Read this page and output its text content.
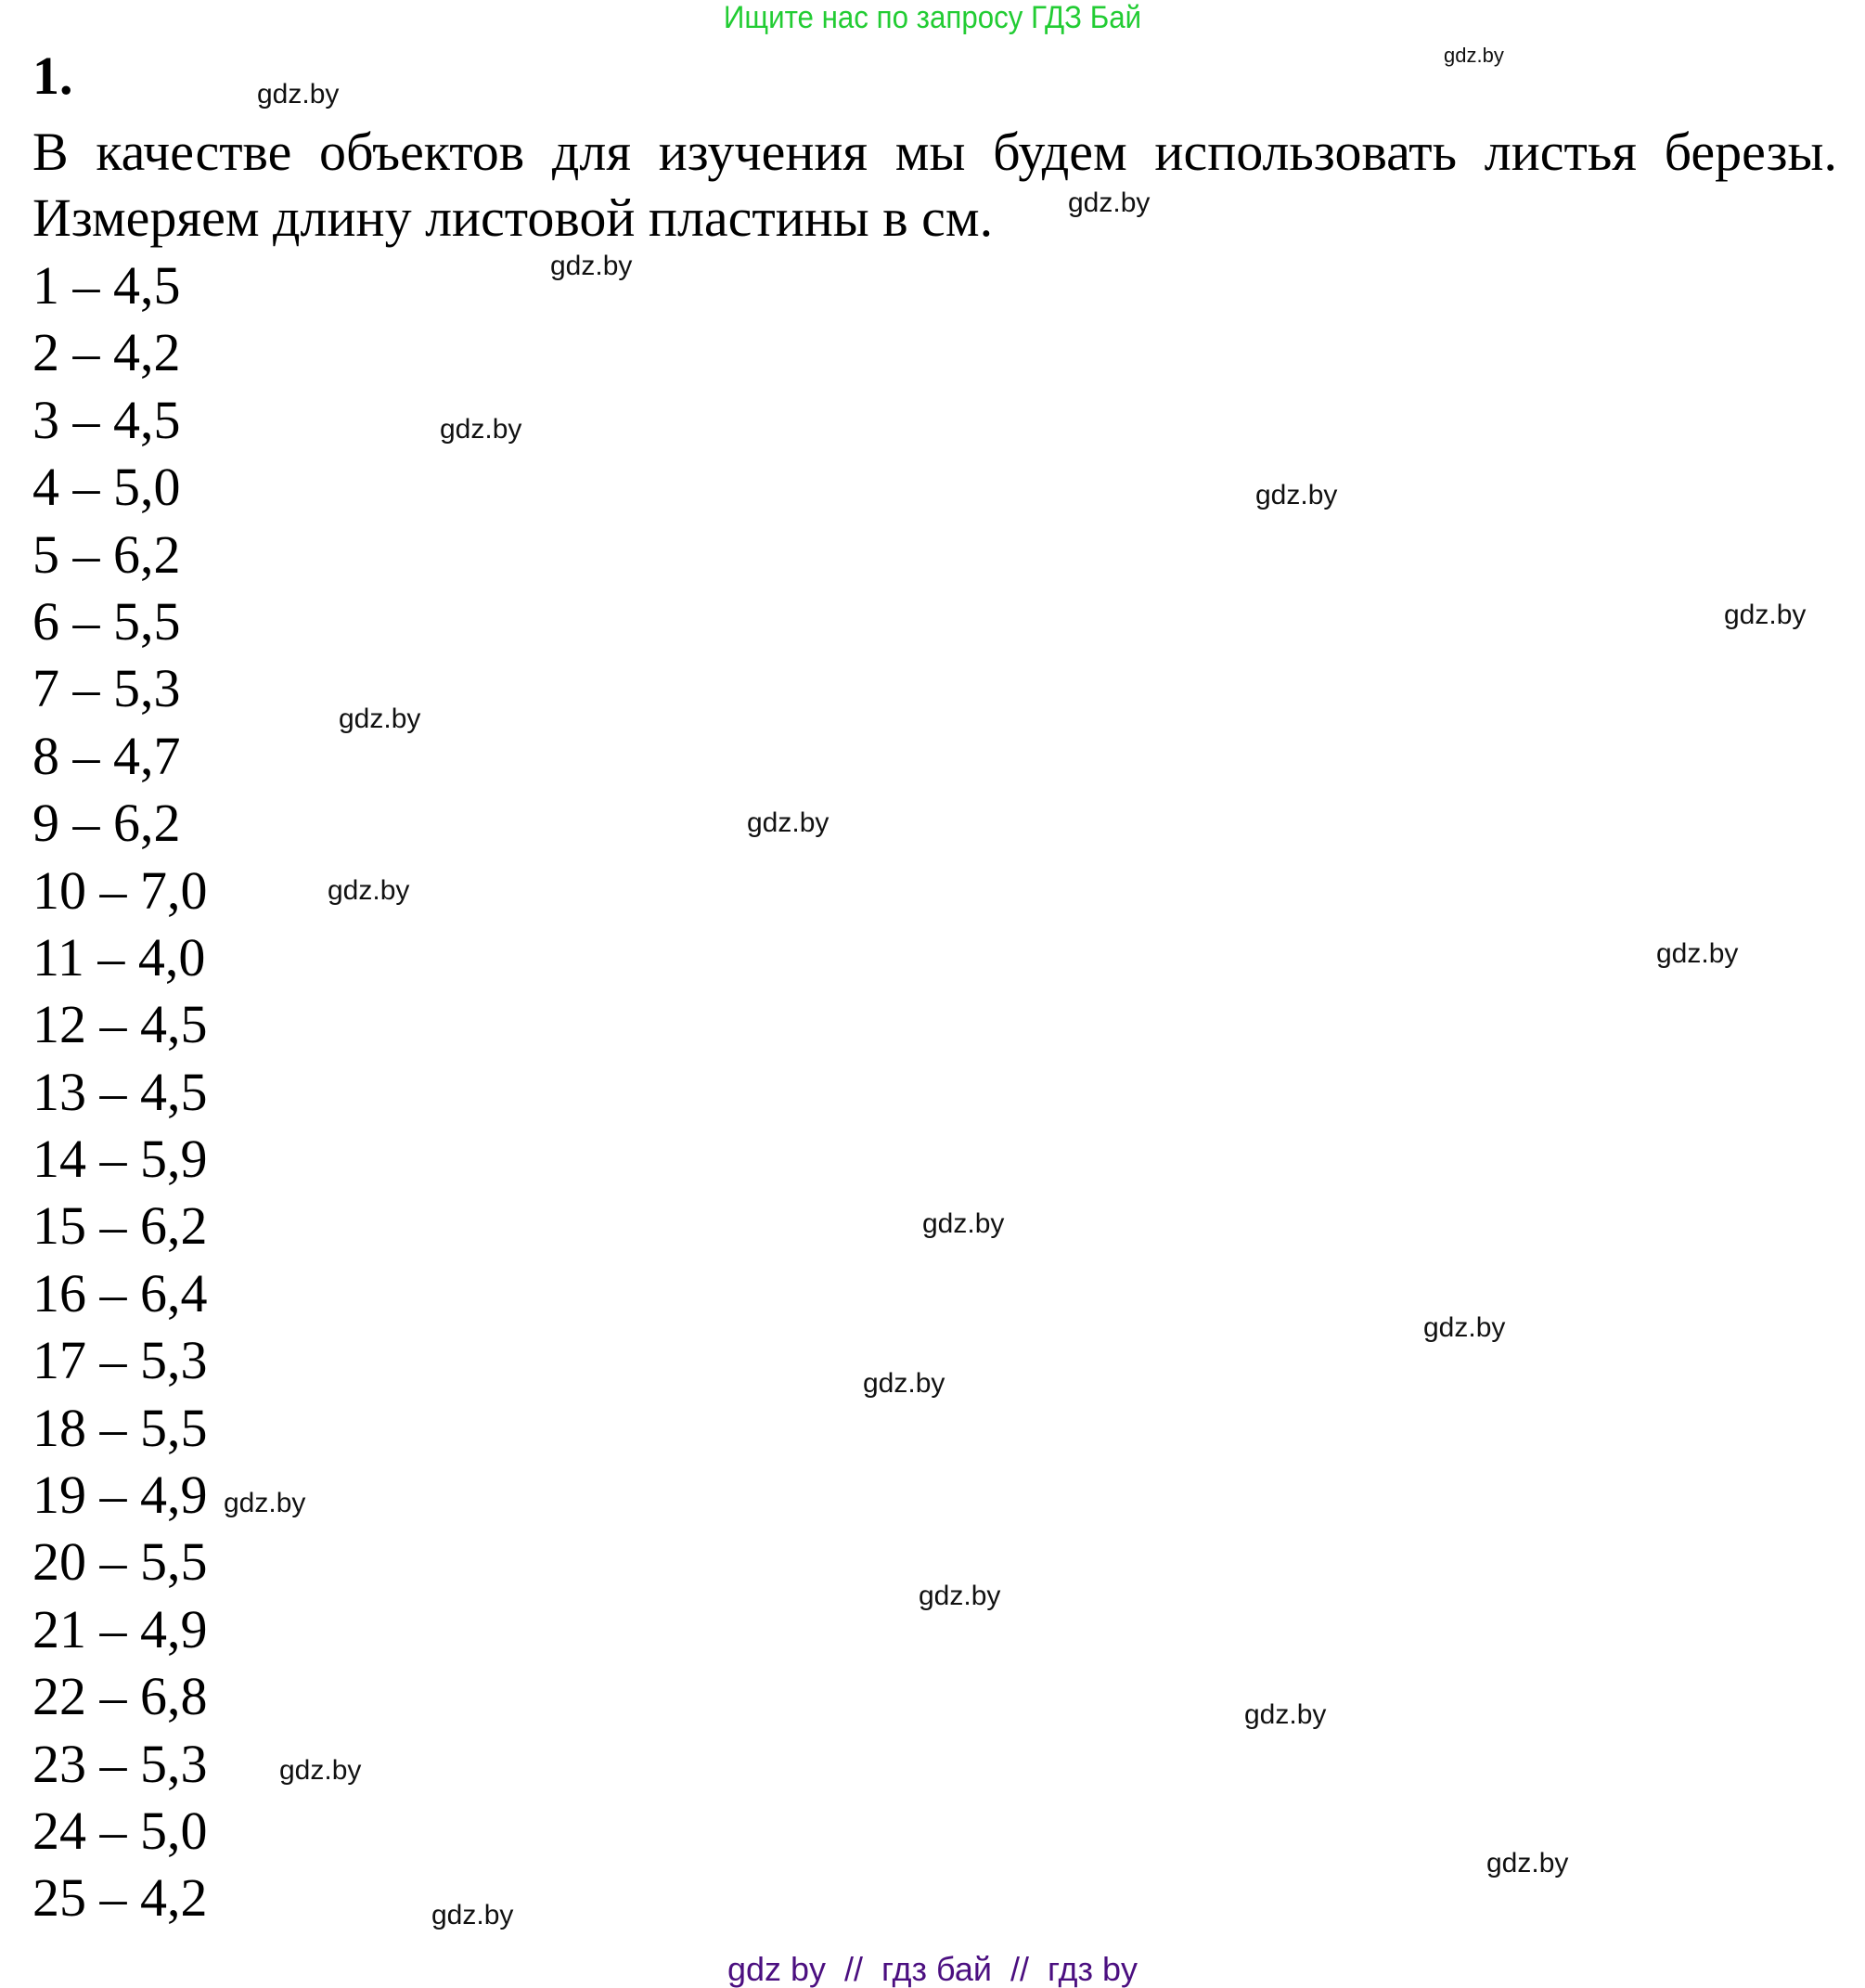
Ищите нас по запросу ГДЗ Бай
1.
В качестве объектов для изучения мы будем использовать листья березы.
Измеряем длину листовой пластины в см.
1 – 4,5
2 – 4,2
3 – 4,5
4 – 5,0
5 – 6,2
6 – 5,5
7 – 5,3
8 – 4,7
9 – 6,2
10 – 7,0
11 – 4,0
12 – 4,5
13 – 4,5
14 – 5,9
15 – 6,2
16 – 6,4
17 – 5,3
18 – 5,5
19 – 4,9
20 – 5,5
21 – 4,9
22 – 6,8
23 – 5,3
24 – 5,0
25 – 4,2
gdz.by
gdz.by
gdz.by
gdz.by
gdz.by
gdz.by
gdz.by
gdz.by
gdz.by
gdz.by
gdz.by
gdz.by
gdz.by
gdz.by
gdz.by
gdz.by
gdz.by
gdz.by
gdz.by
gdz.by
gdz by  //  гдз бай  //  гдз by
